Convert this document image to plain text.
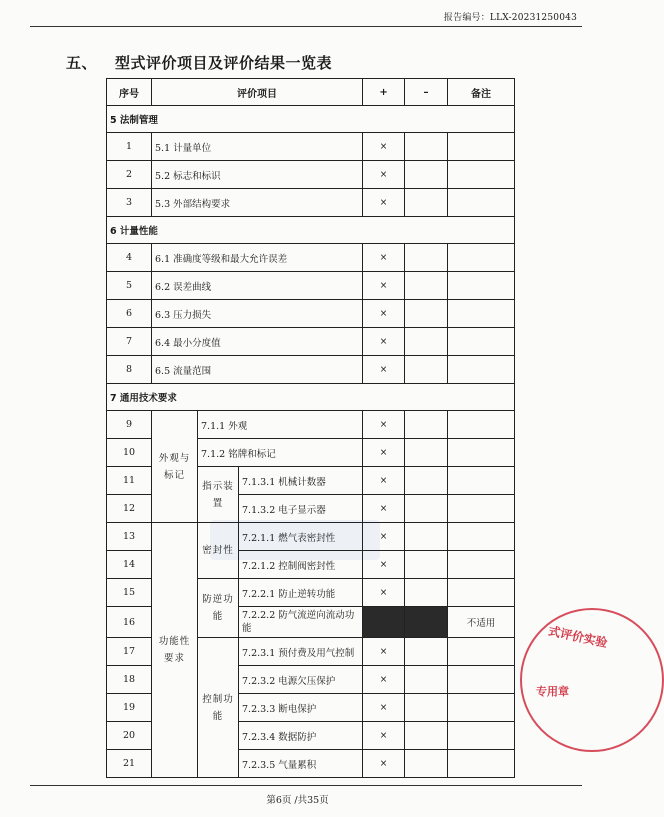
报告编号：LLX-20231250043
五、 型式评价项目及评价结果一览表
序号	评价项目			+	–	备注
5 法制管理						
1	5.1 计量单位			×		
2	5.2 标志和标识			×		
3	5.3 外部结构要求			×		
6 计量性能						
4	6.1 准确度等级和最大允许误差			×		
5	6.2 误差曲线			×		
6	6.3 压力损失			×		
7	6.4 最小分度值			×		
8	6.5 流量范围			×		
7 通用技术要求						
9	外观与标记	7.1.1 外观		×		
10		7.1.2 铭牌和标记		×		
11		指示装置	7.1.3.1 机械计数器	×		
12			7.1.3.2 电子显示器	×		
13	功能性要求	密封性	7.2.1.1 燃气表密封性	×		
14			7.2.1.2 控制阀密封性	×		
15		防逆功能	7.2.2.1 防止逆转功能	×		
16			7.2.2.2 防气流逆向流动功能			不适用
17		控制功能	7.2.3.1 预付费及用气控制	×		
18			7.2.3.2 电源欠压保护	×		
19			7.2.3.3 断电保护	×		
20			7.2.3.4 数据防护	×		
21			7.2.3.5 气量累积	×		
式评价实验
专用章
第6页 /共35页
